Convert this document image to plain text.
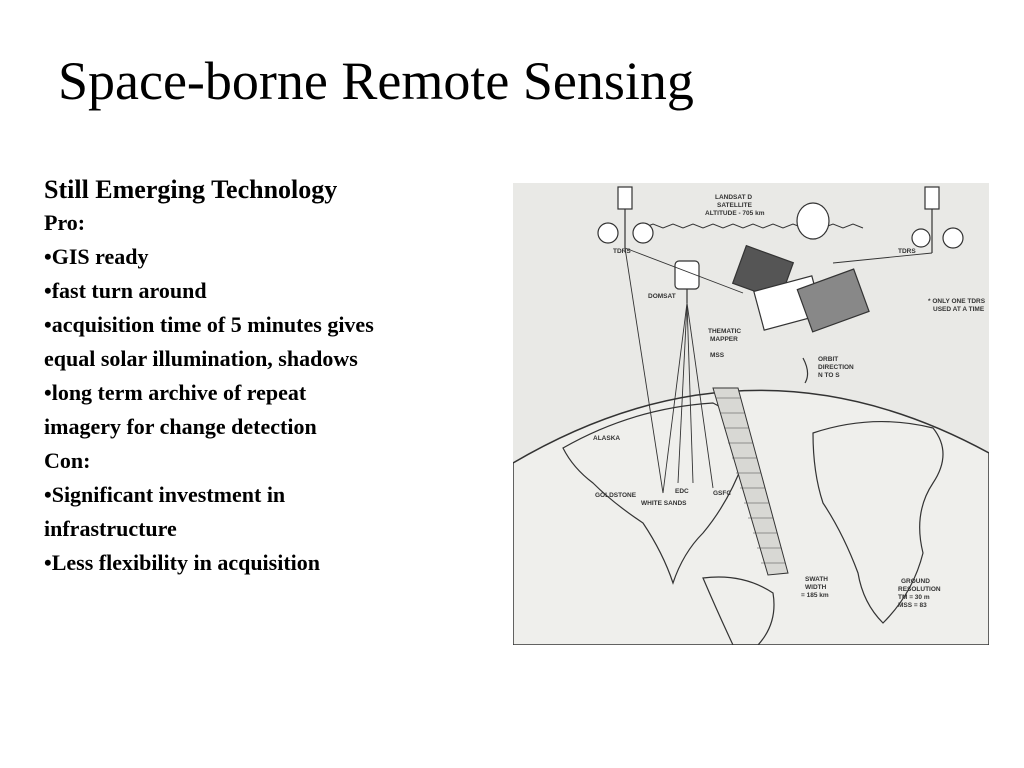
Space-borne Remote Sensing
Still Emerging Technology
Pro:
•GIS ready
•fast turn around
•acquisition time of 5 minutes gives
equal solar illumination, shadows
•long term archive of repeat
imagery for change detection
Con:
•Significant investment in
infrastructure
•Less flexibility in acquisition
LANDSAT D
SATELLITE
ALTITUDE - 705 km
TDRS	TDRS
DOMSAT
THEMATIC
MAPPER
MSS
ORBIT
DIRECTION
N TO S
* ONLY ONE TDRS
USED AT A TIME
ALASKA
GOLDSTONE
WHITE SANDS
EDC	GSFC
SWATH
WIDTH
= 185 km
GROUND
RESOLUTION
TM = 30 m
MSS = 83
